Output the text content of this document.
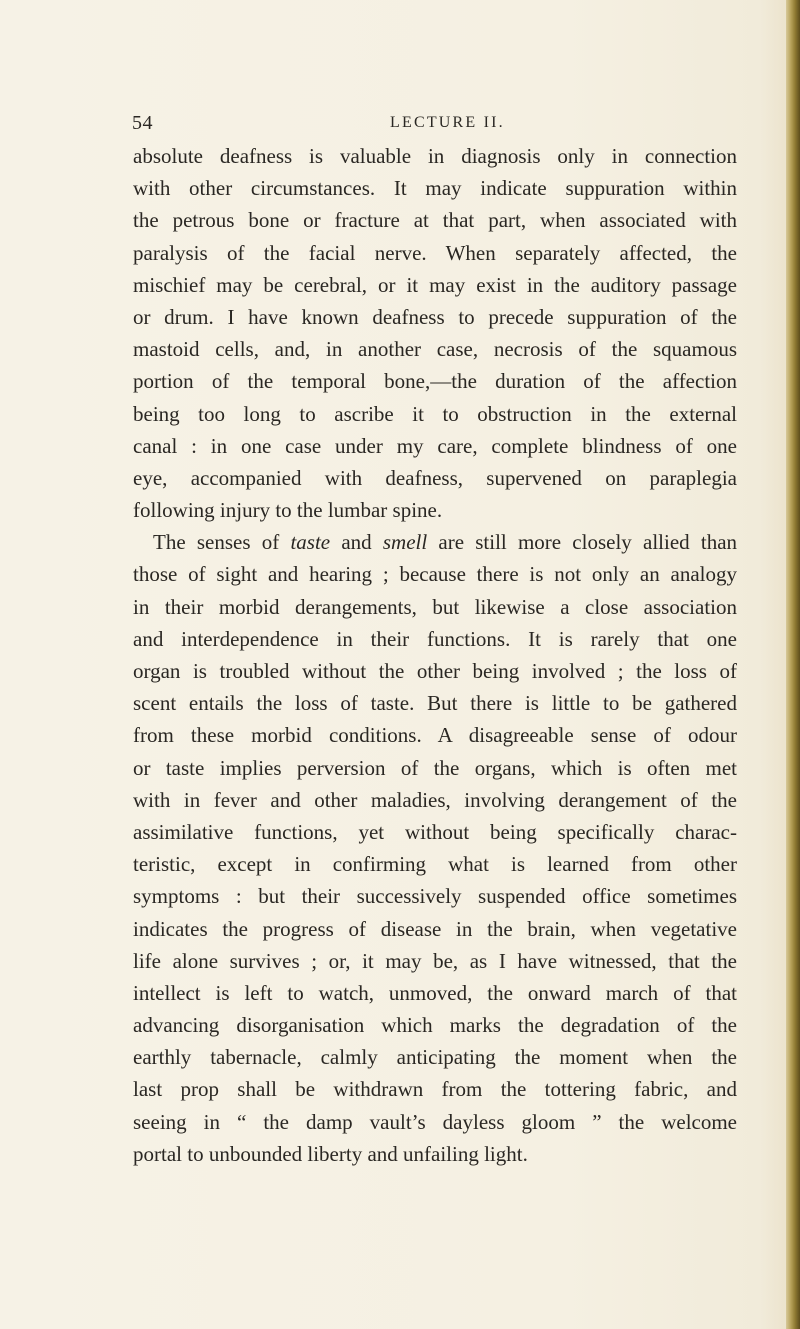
54	LECTURE II.
absolute deafness is valuable in diagnosis only in connection
with other circumstances. It may indicate suppuration within
the petrous bone or fracture at that part, when associated with
paralysis of the facial nerve. When separately affected, the
mischief may be cerebral, or it may exist in the auditory passage
or drum. I have known deafness to precede suppuration of the
mastoid cells, and, in another case, necrosis of the squamous
portion of the temporal bone,—the duration of the affection
being too long to ascribe it to obstruction in the external
canal : in one case under my care, complete blindness of one
eye, accompanied with deafness, supervened on paraplegia
following injury to the lumbar spine.
The senses of taste and smell are still more closely allied than
those of sight and hearing ; because there is not only an analogy
in their morbid derangements, but likewise a close association
and interdependence in their functions. It is rarely that one
organ is troubled without the other being involved ; the loss of
scent entails the loss of taste. But there is little to be gathered
from these morbid conditions. A disagreeable sense of odour
or taste implies perversion of the organs, which is often met
with in fever and other maladies, involving derangement of the
assimilative functions, yet without being specifically charac-
teristic, except in confirming what is learned from other
symptoms : but their successively suspended office sometimes
indicates the progress of disease in the brain, when vegetative
life alone survives ; or, it may be, as I have witnessed, that the
intellect is left to watch, unmoved, the onward march of that
advancing disorganisation which marks the degradation of the
earthly tabernacle, calmly anticipating the moment when the
last prop shall be withdrawn from the tottering fabric, and
seeing in “ the damp vault’s dayless gloom ” the welcome
portal to unbounded liberty and unfailing light.
